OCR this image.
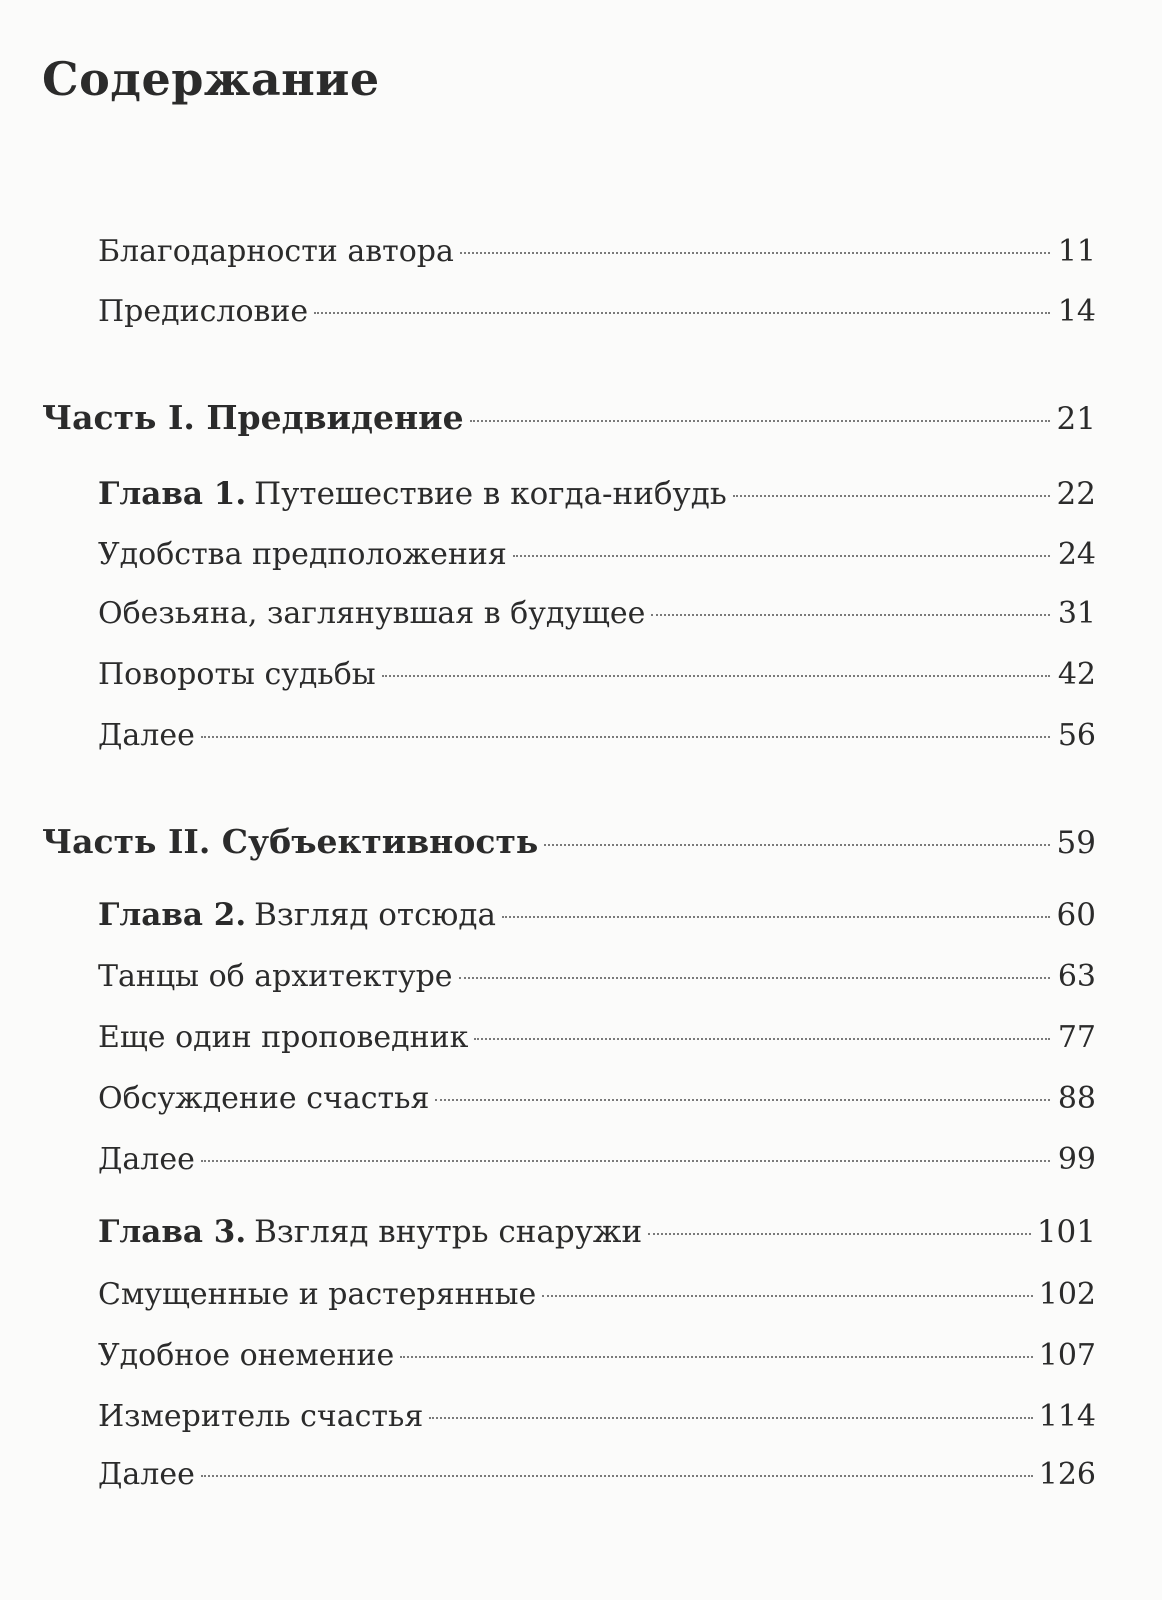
Содержание
Благодарности автора	11
Предисловие	14
Часть I. Предвидение	21
Глава 1. Путешествие в когда-нибудь	22
Удобства предположения	24
Обезьяна, заглянувшая в будущее	31
Повороты судьбы	42
Далее	56
Часть II. Субъективность	59
Глава 2. Взгляд отсюда	60
Танцы об архитектуре	63
Еще один проповедник	77
Обсуждение счастья	88
Далее	99
Глава 3. Взгляд внутрь снаружи	101
Смущенные и растерянные	102
Удобное онемение	107
Измеритель счастья	114
Далее	126
